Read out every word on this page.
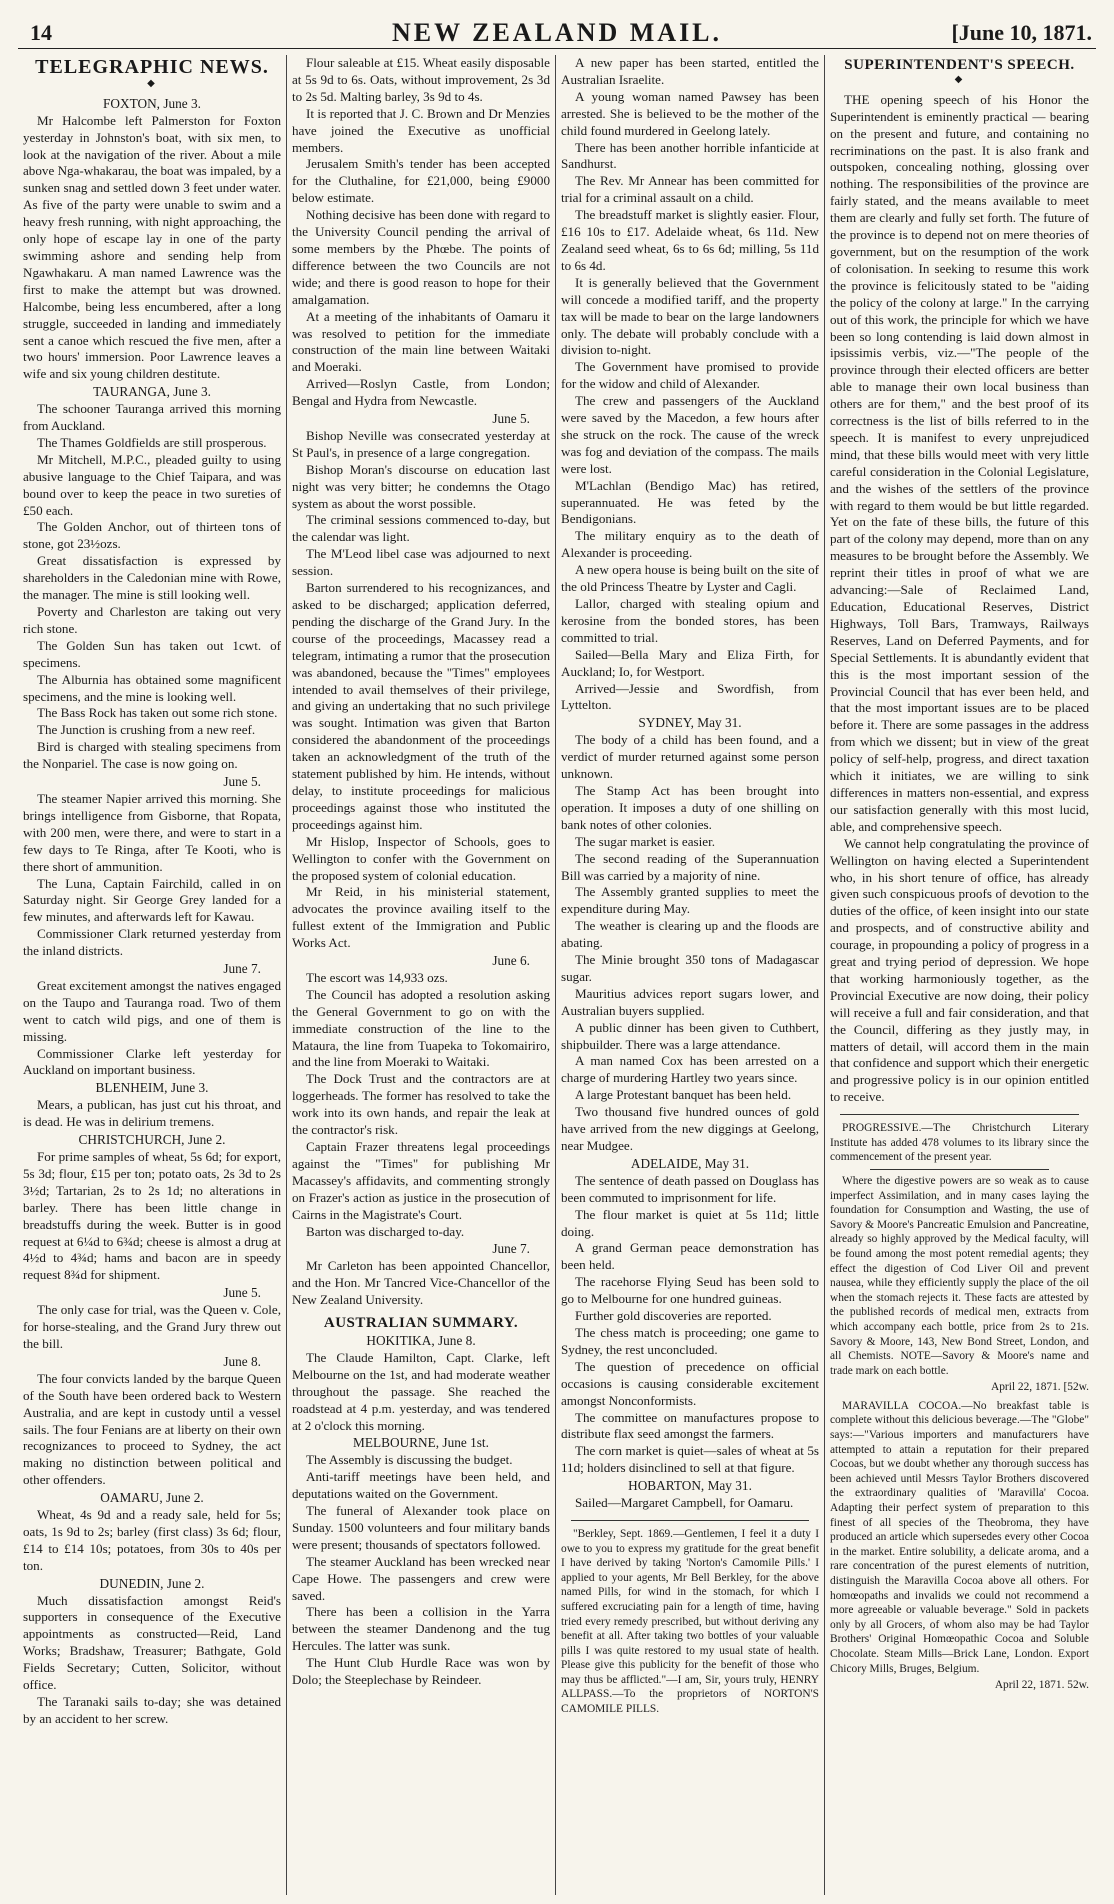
14	NEW ZEALAND MAIL.	[June 10, 1871.
TELEGRAPHIC NEWS.
◆
FOXTON, June 3.

Mr Halcombe left Palmerston for Foxton yesterday in Johnston's boat, with six men, to look at the navigation of the river. About a mile above Nga-whakarau, the boat was impaled, by a sunken snag and settled down 3 feet under water. As five of the party were unable to swim and a heavy fresh running, with night approaching, the only hope of escape lay in one of the party swimming ashore and sending help from Ngawhakaru. A man named Lawrence was the first to make the attempt but was drowned. Halcombe, being less encumbered, after a long struggle, succeeded in landing and immediately sent a canoe which rescued the five men, after a two hours' immersion. Poor Lawrence leaves a wife and six young children destitute.

TAURANGA, June 3.

The schooner Tauranga arrived this morning from Auckland.

The Thames Goldfields are still prosperous.

Mr Mitchell, M.P.C., pleaded guilty to using abusive language to the Chief Taipara, and was bound over to keep the peace in two sureties of £50 each.

The Golden Anchor, out of thirteen tons of stone, got 23½ozs.

Great dissatisfaction is expressed by shareholders in the Caledonian mine with Rowe, the manager. The mine is still looking well.

Poverty and Charleston are taking out very rich stone.

The Golden Sun has taken out 1cwt. of specimens.

The Alburnia has obtained some magnificent specimens, and the mine is looking well.

The Bass Rock has taken out some rich stone.

The Junction is crushing from a new reef.

Bird is charged with stealing specimens from the Nonpariel. The case is now going on.

June 5.

The steamer Napier arrived this morning. She brings intelligence from Gisborne, that Ropata, with 200 men, were there, and were to start in a few days to Te Ringa, after Te Kooti, who is there short of ammunition.

The Luna, Captain Fairchild, called in on Saturday night. Sir George Grey landed for a few minutes, and afterwards left for Kawau.

Commissioner Clark returned yesterday from the inland districts.

June 7.

Great excitement amongst the natives engaged on the Taupo and Tauranga road. Two of them went to catch wild pigs, and one of them is missing.

Commissioner Clarke left yesterday for Auckland on important business.

BLENHEIM, June 3.

Mears, a publican, has just cut his throat, and is dead. He was in delirium tremens.

CHRISTCHURCH, June 2.

For prime samples of wheat, 5s 6d; for export, 5s 3d; flour, £15 per ton; potato oats, 2s 3d to 2s 3½d; Tartarian, 2s to 2s 1d; no alterations in barley. There has been little change in breadstuffs during the week. Butter is in good request at 6¼d to 6¾d; cheese is almost a drug at 4½d to 4¾d; hams and bacon are in speedy request 8¾d for shipment.

June 5.

The only case for trial, was the Queen v. Cole, for horse-stealing, and the Grand Jury threw out the bill.

June 8.

The four convicts landed by the barque Queen of the South have been ordered back to Western Australia, and are kept in custody until a vessel sails. The four Fenians are at liberty on their own recognizances to proceed to Sydney, the act making no distinction between political and other offenders.

OAMARU, June 2.

Wheat, 4s 9d and a ready sale, held for 5s; oats, 1s 9d to 2s; barley (first class) 3s 6d; flour, £14 to £14 10s; potatoes, from 30s to 40s per ton.

DUNEDIN, June 2.

Much dissatisfaction amongst Reid's supporters in consequence of the Executive appointments as constructed—Reid, Land Works; Bradshaw, Treasurer; Bathgate, Gold Fields Secretary; Cutten, Solicitor, without office.

The Taranaki sails to-day; she was detained by an accident to her screw.

Flour saleable at £15. Wheat easily disposable at 5s 9d to 6s. Oats, without improvement, 2s 3d to 2s 5d. Malting barley, 3s 9d to 4s.

It is reported that J. C. Brown and Dr Menzies have joined the Executive as unofficial members.

Jerusalem Smith's tender has been accepted for the Cluthaline, for £21,000, being £9000 below estimate.

Nothing decisive has been done with regard to the University Council pending the arrival of some members by the Phœbe. The points of difference between the two Councils are not wide; and there is good reason to hope for their amalgamation.

At a meeting of the inhabitants of Oamaru it was resolved to petition for the immediate construction of the main line between Waitaki and Moeraki.

Arrived—Roslyn Castle, from London; Bengal and Hydra from Newcastle.

June 5.

Bishop Neville was consecrated yesterday at St Paul's, in presence of a large congregation.

Bishop Moran's discourse on education last night was very bitter; he condemns the Otago system as about the worst possible.

The criminal sessions commenced to-day, but the calendar was light.

The M'Leod libel case was adjourned to next session.

Barton surrendered to his recognizances, and asked to be discharged; application deferred, pending the discharge of the Grand Jury. In the course of the proceedings, Macassey read a telegram, intimating a rumor that the prosecution was abandoned, because the "Times" employees intended to avail themselves of their privilege, and giving an undertaking that no such privilege was sought. Intimation was given that Barton considered the abandonment of the proceedings taken an acknowledgment of the truth of the statement published by him. He intends, without delay, to institute proceedings for malicious proceedings against those who instituted the proceedings against him.

Mr Hislop, Inspector of Schools, goes to Wellington to confer with the Government on the proposed system of colonial education.

Mr Reid, in his ministerial statement, advocates the province availing itself to the fullest extent of the Immigration and Public Works Act.

June 6.

The escort was 14,933 ozs.

The Council has adopted a resolution asking the General Government to go on with the immediate construction of the line to the Mataura, the line from Tuapeka to Tokomairiro, and the line from Moeraki to Waitaki.

The Dock Trust and the contractors are at loggerheads. The former has resolved to take the work into its own hands, and repair the leak at the contractor's risk.

Captain Frazer threatens legal proceedings against the "Times" for publishing Mr Macassey's affidavits, and commenting strongly on Frazer's action as justice in the prosecution of Cairns in the Magistrate's Court.

Barton was discharged to-day.

June 7.

Mr Carleton has been appointed Chancellor, and the Hon. Mr Tancred Vice-Chancellor of the New Zealand University.

AUSTRALIAN SUMMARY.
HOKITIKA, June 8.

The Claude Hamilton, Capt. Clarke, left Melbourne on the 1st, and had moderate weather throughout the passage. She reached the roadstead at 4 p.m. yesterday, and was tendered at 2 o'clock this morning.

MELBOURNE, June 1st.

The Assembly is discussing the budget.

Anti-tariff meetings have been held, and deputations waited on the Government.

The funeral of Alexander took place on Sunday. 1500 volunteers and four military bands were present; thousands of spectators followed.

The steamer Auckland has been wrecked near Cape Howe. The passengers and crew were saved.

There has been a collision in the Yarra between the steamer Dandenong and the tug Hercules. The latter was sunk.

The Hunt Club Hurdle Race was won by Dolo; the Steeplechase by Reindeer.

A new paper has been started, entitled the Australian Israelite.

A young woman named Pawsey has been arrested. She is believed to be the mother of the child found murdered in Geelong lately.

There has been another horrible infanticide at Sandhurst.

The Rev. Mr Annear has been committed for trial for a criminal assault on a child.

The breadstuff market is slightly easier. Flour, £16 10s to £17. Adelaide wheat, 6s 11d. New Zealand seed wheat, 6s to 6s 6d; milling, 5s 11d to 6s 4d.

It is generally believed that the Government will concede a modified tariff, and the property tax will be made to bear on the large landowners only. The debate will probably conclude with a division to-night.

The Government have promised to provide for the widow and child of Alexander.

The crew and passengers of the Auckland were saved by the Macedon, a few hours after she struck on the rock. The cause of the wreck was fog and deviation of the compass. The mails were lost.

M'Lachlan (Bendigo Mac) has retired, superannuated. He was feted by the Bendigonians.

The military enquiry as to the death of Alexander is proceeding.

A new opera house is being built on the site of the old Princess Theatre by Lyster and Cagli.

Lallor, charged with stealing opium and kerosine from the bonded stores, has been committed to trial.

Sailed—Bella Mary and Eliza Firth, for Auckland; Io, for Westport.

Arrived—Jessie and Swordfish, from Lyttelton.

SYDNEY, May 31.

The body of a child has been found, and a verdict of murder returned against some person unknown.

The Stamp Act has been brought into operation. It imposes a duty of one shilling on bank notes of other colonies.

The sugar market is easier.

The second reading of the Superannuation Bill was carried by a majority of nine.

The Assembly granted supplies to meet the expenditure during May.

The weather is clearing up and the floods are abating.

The Minie brought 350 tons of Madagascar sugar.

Mauritius advices report sugars lower, and Australian buyers supplied.

A public dinner has been given to Cuthbert, shipbuilder. There was a large attendance.

A man named Cox has been arrested on a charge of murdering Hartley two years since.

A large Protestant banquet has been held.

Two thousand five hundred ounces of gold have arrived from the new diggings at Geelong, near Mudgee.

ADELAIDE, May 31.

The sentence of death passed on Douglass has been commuted to imprisonment for life.

The flour market is quiet at 5s 11d; little doing.

A grand German peace demonstration has been held.

The racehorse Flying Seud has been sold to go to Melbourne for one hundred guineas.

Further gold discoveries are reported.

The chess match is proceeding; one game to Sydney, the rest unconcluded.

The question of precedence on official occasions is causing considerable excitement amongst Nonconformists.

The committee on manufactures propose to distribute flax seed amongst the farmers.

The corn market is quiet—sales of wheat at 5s 11d; holders disinclined to sell at that figure.

HOBARTON, May 31.

Sailed—Margaret Campbell, for Oamaru.

"Berkley, Sept. 1869.—Gentlemen, I feel it a duty I owe to you to express my gratitude for the great benefit I have derived by taking 'Norton's Camomile Pills.' I applied to your agents, Mr Bell Berkley, for the above named Pills, for wind in the stomach, for which I suffered excruciating pain for a length of time, having tried every remedy prescribed, but without deriving any benefit at all. After taking two bottles of your valuable pills I was quite restored to my usual state of health. Please give this publicity for the benefit of those who may thus be afflicted."—I am, Sir, yours truly, HENRY ALLPASS.—To the proprietors of NORTON'S CAMOMILE PILLS.

SUPERINTENDENT'S SPEECH.
◆

THE opening speech of his Honor the Superintendent is eminently practical — bearing on the present and future, and containing no recriminations on the past. It is also frank and outspoken, concealing nothing, glossing over nothing. The responsibilities of the province are fairly stated, and the means available to meet them are clearly and fully set forth. The future of the province is to depend not on mere theories of government, but on the resumption of the work of colonisation. In seeking to resume this work the province is felicitously stated to be "aiding the policy of the colony at large." In the carrying out of this work, the principle for which we have been so long contending is laid down almost in ipsissimis verbis, viz.—"The people of the province through their elected officers are better able to manage their own local business than others are for them," and the best proof of its correctness is the list of bills referred to in the speech. It is manifest to every unprejudiced mind, that these bills would meet with very little careful consideration in the Colonial Legislature, and the wishes of the settlers of the province with regard to them would be but little regarded. Yet on the fate of these bills, the future of this part of the colony may depend, more than on any measures to be brought before the Assembly. We reprint their titles in proof of what we are advancing:—Sale of Reclaimed Land, Education, Educational Reserves, District Highways, Toll Bars, Tramways, Railways Reserves, Land on Deferred Payments, and for Special Settlements. It is abundantly evident that this is the most important session of the Provincial Council that has ever been held, and that the most important issues are to be placed before it. There are some passages in the address from which we dissent; but in view of the great policy of self-help, progress, and direct taxation which it initiates, we are willing to sink differences in matters non-essential, and express our satisfaction generally with this most lucid, able, and comprehensive speech.

We cannot help congratulating the province of Wellington on having elected a Superintendent who, in his short tenure of office, has already given such conspicuous proofs of devotion to the duties of the office, of keen insight into our state and prospects, and of constructive ability and courage, in propounding a policy of progress in a great and trying period of depression. We hope that working harmoniously together, as the Provincial Executive are now doing, their policy will receive a full and fair consideration, and that the Council, differing as they justly may, in matters of detail, will accord them in the main that confidence and support which their energetic and progressive policy is in our opinion entitled to receive.

PROGRESSIVE.—The Christchurch Literary Institute has added 478 volumes to its library since the commencement of the present year.

Where the digestive powers are so weak as to cause imperfect Assimilation, and in many cases laying the foundation for Consumption and Wasting, the use of Savory & Moore's Pancreatic Emulsion and Pancreatine, already so highly approved by the Medical faculty, will be found among the most potent remedial agents; they effect the digestion of Cod Liver Oil and prevent nausea, while they efficiently supply the place of the oil when the stomach rejects it. These facts are attested by the published records of medical men, extracts from which accompany each bottle, price from 2s to 21s. Savory & Moore, 143, New Bond Street, London, and all Chemists. NOTE—Savory & Moore's name and trade mark on each bottle.

April 22, 1871. [52w.

MARAVILLA COCOA.—No breakfast table is complete without this delicious beverage.—The "Globe" says:—"Various importers and manufacturers have attempted to attain a reputation for their prepared Cocoas, but we doubt whether any thorough success has been achieved until Messrs Taylor Brothers discovered the extraordinary qualities of 'Maravilla' Cocoa. Adapting their perfect system of preparation to this finest of all species of the Theobroma, they have produced an article which supersedes every other Cocoa in the market. Entire solubility, a delicate aroma, and a rare concentration of the purest elements of nutrition, distinguish the Maravilla Cocoa above all others. For homœopaths and invalids we could not recommend a more agreeable or valuable beverage." Sold in packets only by all Grocers, of whom also may be had Taylor Brothers' Original Homœopathic Cocoa and Soluble Chocolate. Steam Mills—Brick Lane, London. Export Chicory Mills, Bruges, Belgium.

April 22, 1871. 52w.
